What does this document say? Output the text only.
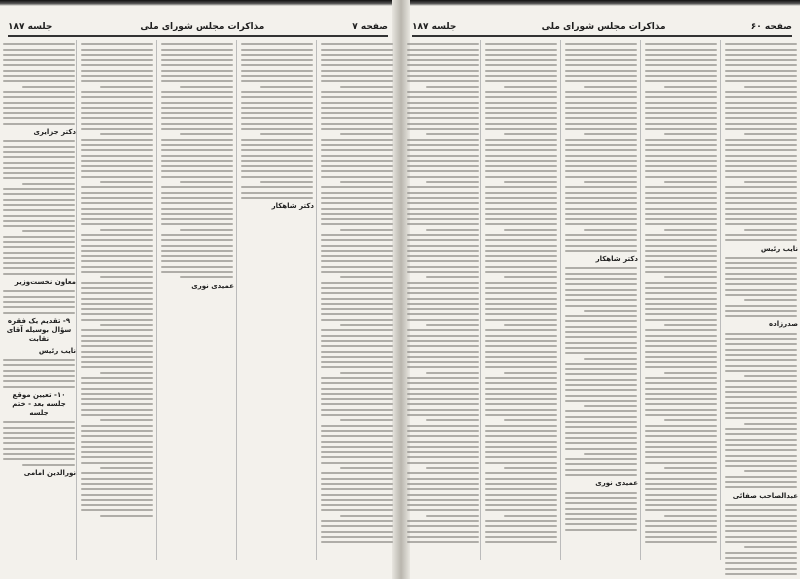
صفحه ۷
مذاکرات مجلس شورای ملی
جلسه ۱۸۷
دکتر شاهکار
عمیدی نوری
دکتر جزایری
معاون نخست‌وزیر
۹- تقدیم یک فقره سؤال بوسیله آقای نقابت
نایب رئیس
۱۰- تعیین موقع جلسه بعد - ختم جلسه
نورالدین امامی
صفحه ۶۰
مذاکرات مجلس شورای ملی
جلسه ۱۸۷
نایب رئیس
صدرزاده
عبدالصاحب صفائی
دکتر شاهکار
عمیدی نوری
